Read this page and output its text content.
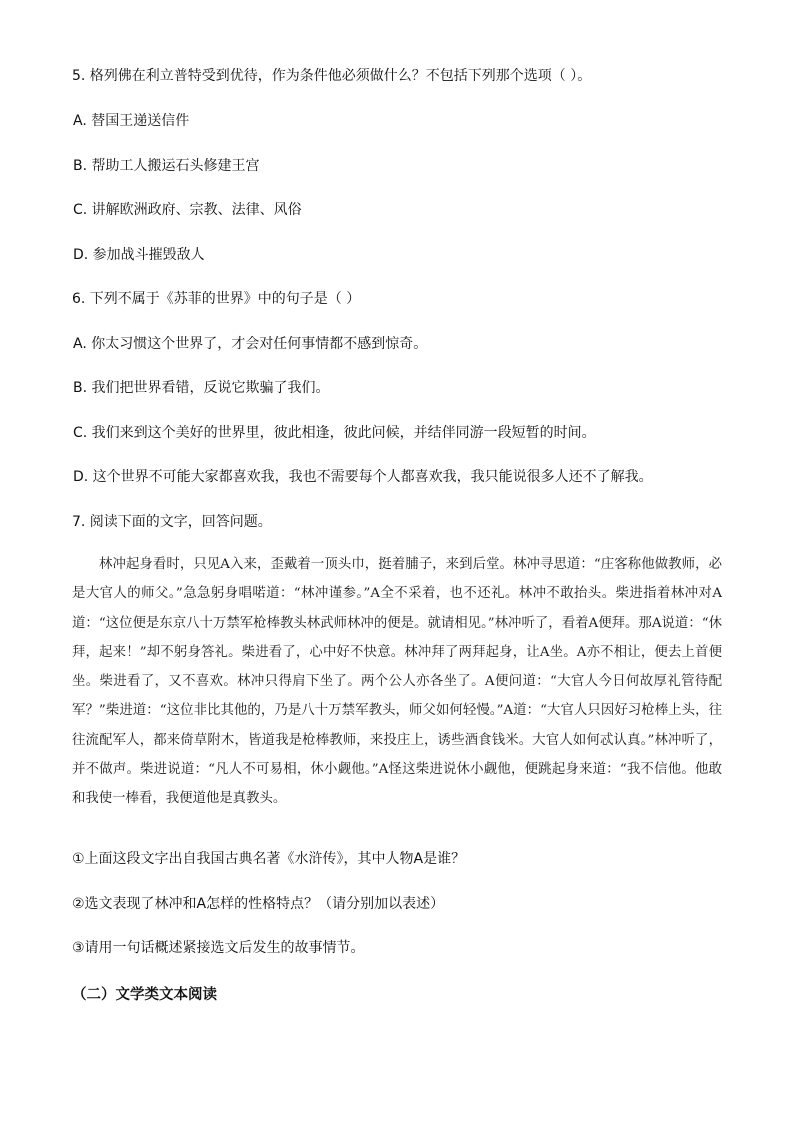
5. 格列佛在利立普特受到优待，作为条件他必须做什么？不包括下列那个选项（ ）。
A. 替国王递送信件
B. 帮助工人搬运石头修建王宫
C. 讲解欧洲政府、宗教、法律、风俗
D. 参加战斗摧毁敌人
6. 下列不属于《苏菲的世界》中的句子是（ ）
A. 你太习惯这个世界了，才会对任何事情都不感到惊奇。
B. 我们把世界看错，反说它欺骗了我们。
C. 我们来到这个美好的世界里，彼此相逢，彼此问候，并结伴同游一段短暂的时间。
D. 这个世界不可能大家都喜欢我，我也不需要每个人都喜欢我，我只能说很多人还不了解我。
7. 阅读下面的文字，回答问题。

林冲起身看时，只见A入来，歪戴着一顶头巾，挺着脯子，来到后堂。林冲寻思道：“庄客称他做教师，必是大官人的师父。”急急躬身唱喏道：“林冲谨参。”A全不采着，也不还礼。林冲不敢抬头。柴进指着林冲对A道：“这位便是东京八十万禁军枪棒教头林武师林冲的便是。就请相见。”林冲听了，看着A便拜。那A说道：“休拜，起来！”却不躬身答礼。柴进看了，心中好不快意。林冲拜了两拜起身，让A坐。A亦不相让，便去上首便坐。柴进看了，又不喜欢。林冲只得肩下坐了。两个公人亦各坐了。A便问道：“大官人今日何故厚礼管待配军？”柴进道：“这位非比其他的，乃是八十万禁军教头，师父如何轻慢。”A道：“大官人只因好习枪棒上头，往往流配军人，都来倚草附木，皆道我是枪棒教师，来投庄上，诱些酒食钱米。大官人如何忒认真。”林冲听了，并不做声。柴进说道：“凡人不可易相，休小觑他。”A怪这柴进说休小觑他，便跳起身来道：“我不信他。他敢和我使一棒看，我便道他是真教头。

①上面这段文字出自我国古典名著《水浒传》，其中人物A是谁？
②选文表现了林冲和A怎样的性格特点？（请分别加以表述）
③请用一句话概述紧接选文后发生的故事情节。
（二）文学类文本阅读
